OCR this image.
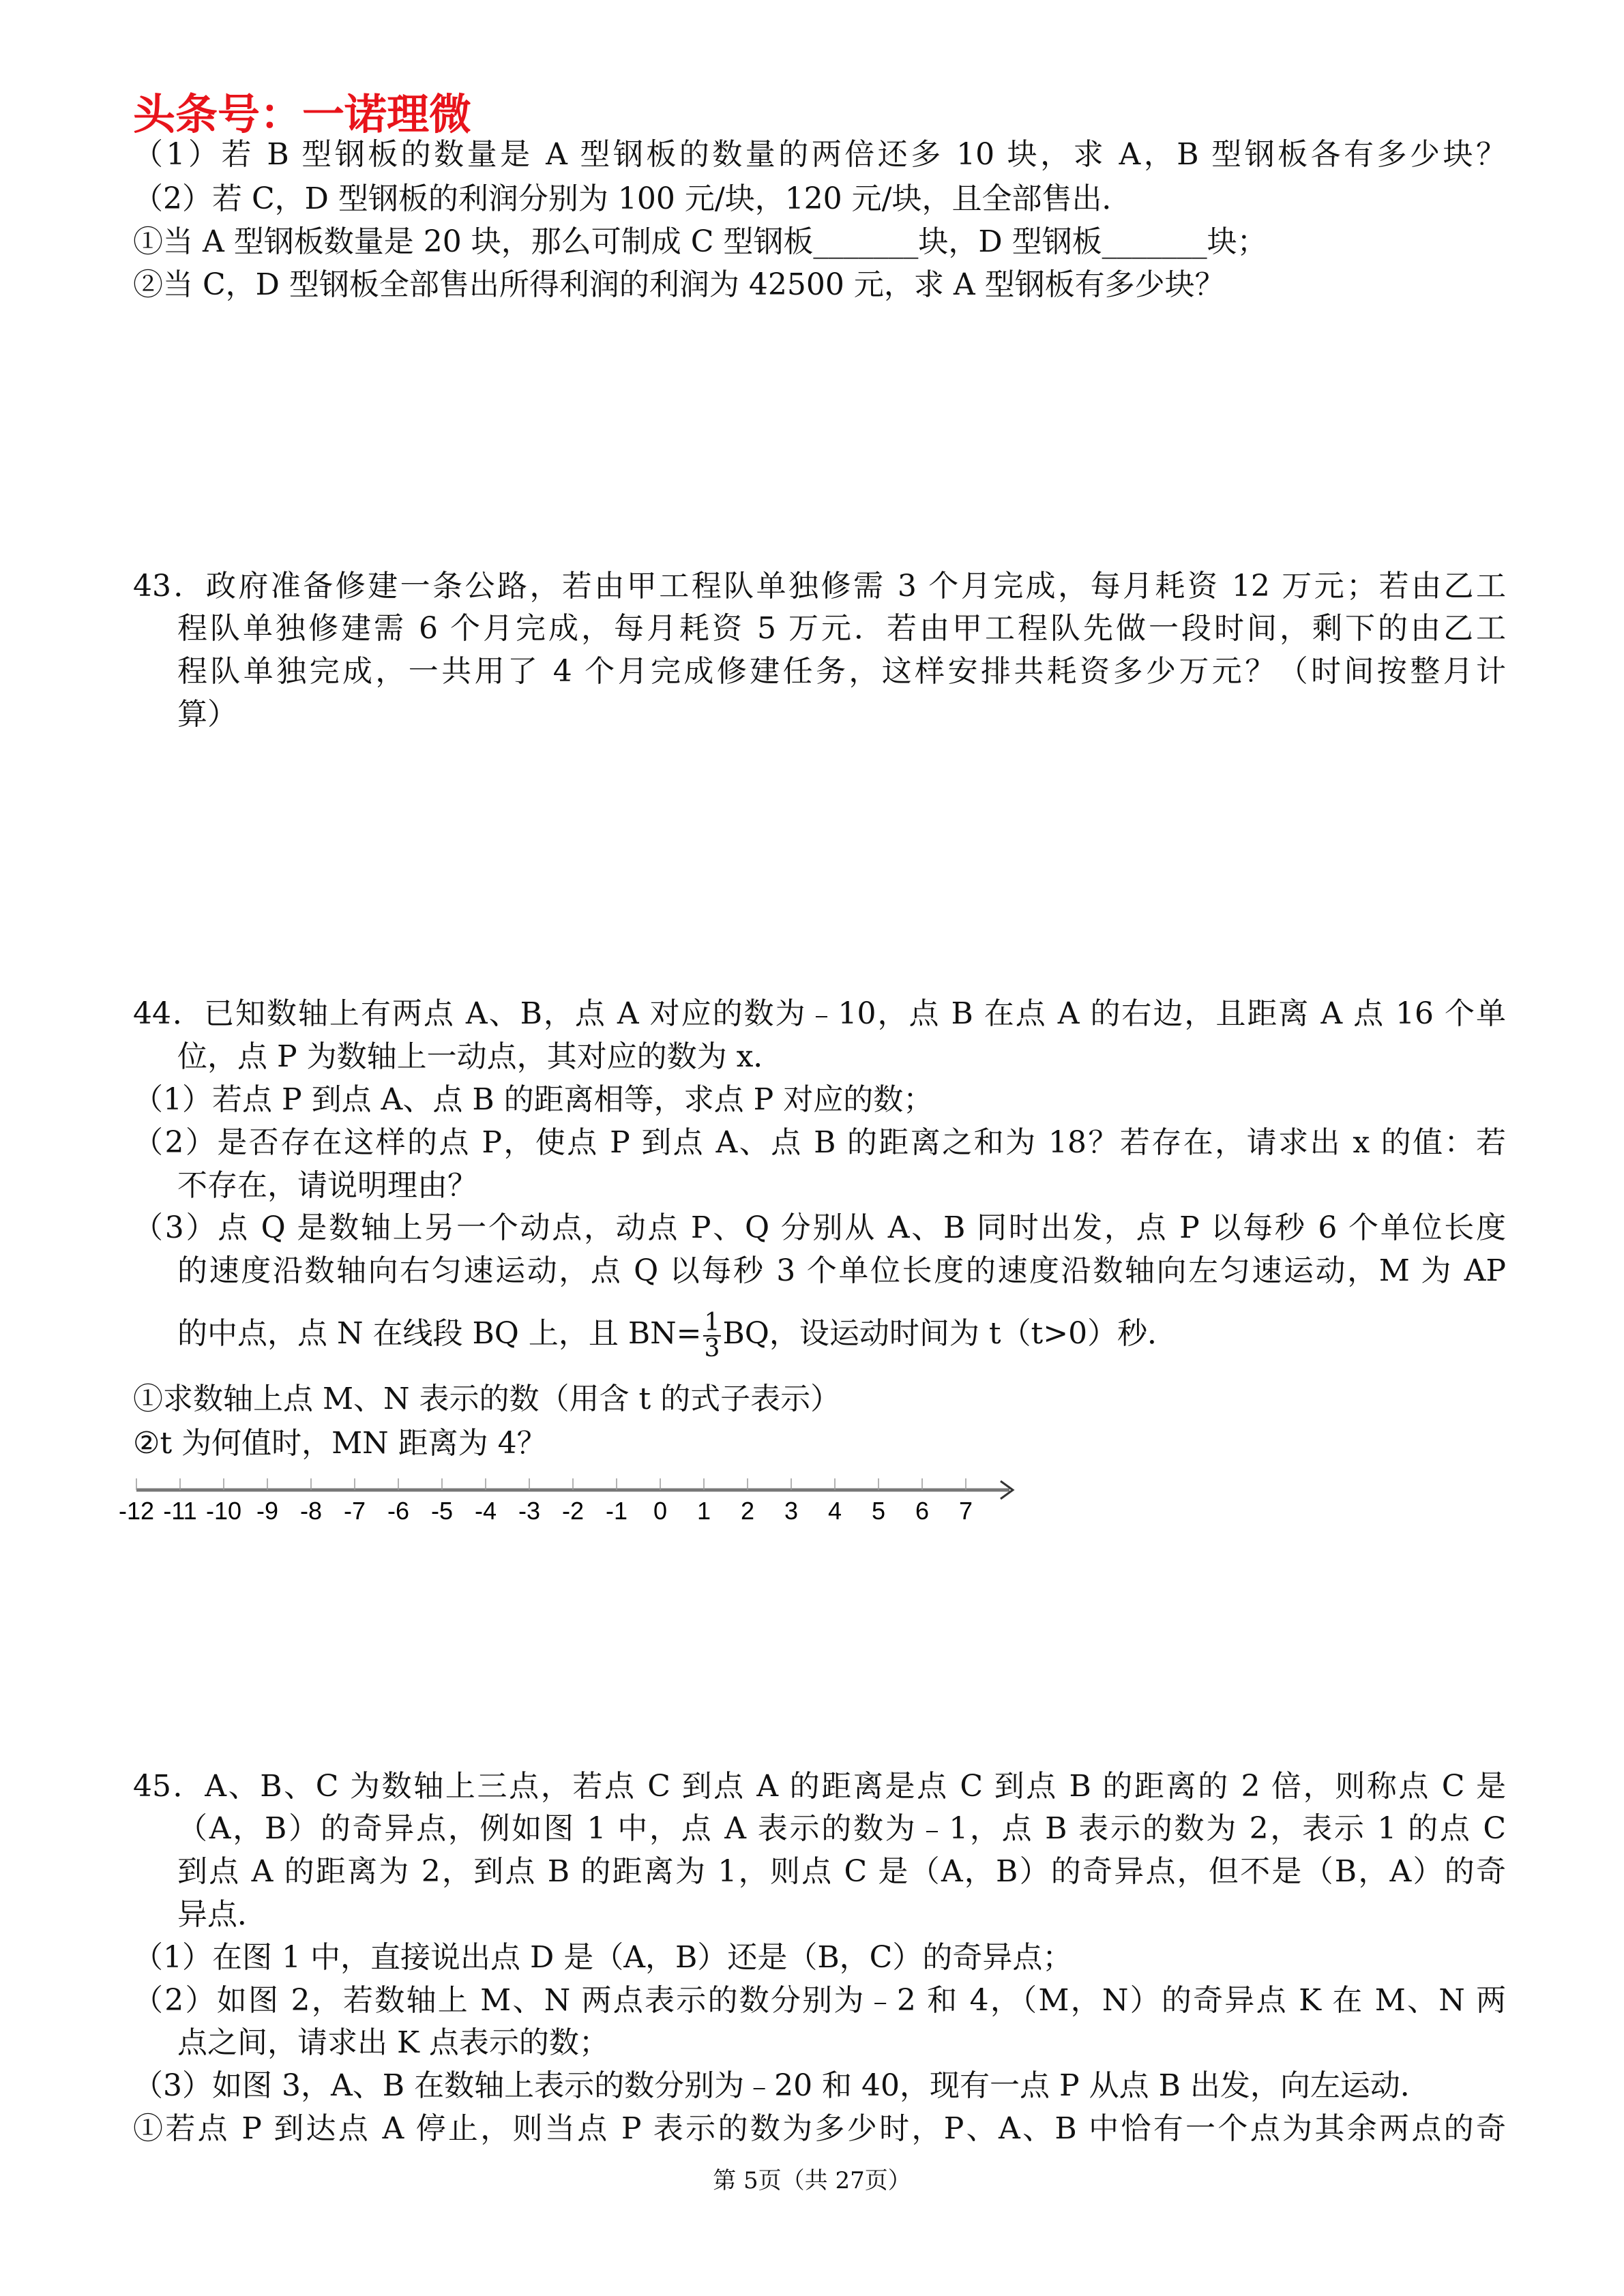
头条号：一诺理微
（1）若 B 型钢板的数量是 A 型钢板的数量的两倍还多 10 块，求 A，B 型钢板各有多少块？
（2）若 C，D 型钢板的利润分别为 100 元/块，120 元/块，且全部售出．
①当 A 型钢板数量是 20 块，那么可制成 C 型钢板_______块，D 型钢板_______块；
②当 C，D 型钢板全部售出所得利润的利润为 42500 元，求 A 型钢板有多少块？
43．政府准备修建一条公路，若由甲工程队单独修需 3 个月完成，每月耗资 12 万元；若由乙工
程队单独修建需 6 个月完成，每月耗资 5 万元．若由甲工程队先做一段时间，剩下的由乙工
程队单独完成，一共用了 4 个月完成修建任务，这样安排共耗资多少万元？（时间按整月计
算）
44．已知数轴上有两点 A、B，点 A 对应的数为﹣10，点 B 在点 A 的右边，且距离 A 点 16 个单
位，点 P 为数轴上一动点，其对应的数为 x．
（1）若点 P 到点 A、点 B 的距离相等，求点 P 对应的数；
（2）是否存在这样的点 P，使点 P 到点 A、点 B 的距离之和为 18？若存在，请求出 x 的值：若
不存在，请说明理由？
（3）点 Q 是数轴上另一个动点，动点 P、Q 分别从 A、B 同时出发，点 P 以每秒 6 个单位长度
的速度沿数轴向右匀速运动，点 Q 以每秒 3 个单位长度的速度沿数轴向左匀速运动，M 为 AP
的中点，点 N 在线段 BQ 上，且 $BN= \frac{1}{3}$ BQ，设运动时间为 t（t>0）秒．
①求数轴上点 M、N 表示的数（用含 t 的式子表示）
②t 为何值时，MN 距离为 4？
-12 -11 -10 -9 -8 -7 -6 -5 -4 -3 -2 -1 0 1 2 3 4 5 6 7
45．A、B、C 为数轴上三点，若点 C 到点 A 的距离是点 C 到点 B 的距离的 2 倍，则称点 C 是
（A，B）的奇异点，例如图 1 中，点 A 表示的数为﹣1，点 B 表示的数为 2，表示 1 的点 C
到点 A 的距离为 2，到点 B 的距离为 1，则点 C 是（A，B）的奇异点，但不是（B，A）的奇
异点．
（1）在图 1 中，直接说出点 D 是（A，B）还是（B，C）的奇异点；
（2）如图 2，若数轴上 M、N 两点表示的数分别为﹣2 和 4，（M，N）的奇异点 K 在 M、N 两
点之间，请求出 K 点表示的数；
（3）如图 3，A、B 在数轴上表示的数分别为﹣20 和 40，现有一点 P 从点 B 出发，向左运动．
①若点 P 到达点 A 停止，则当点 P 表示的数为多少时，P、A、B 中恰有一个点为其余两点的奇
第 5页（共 27页）
